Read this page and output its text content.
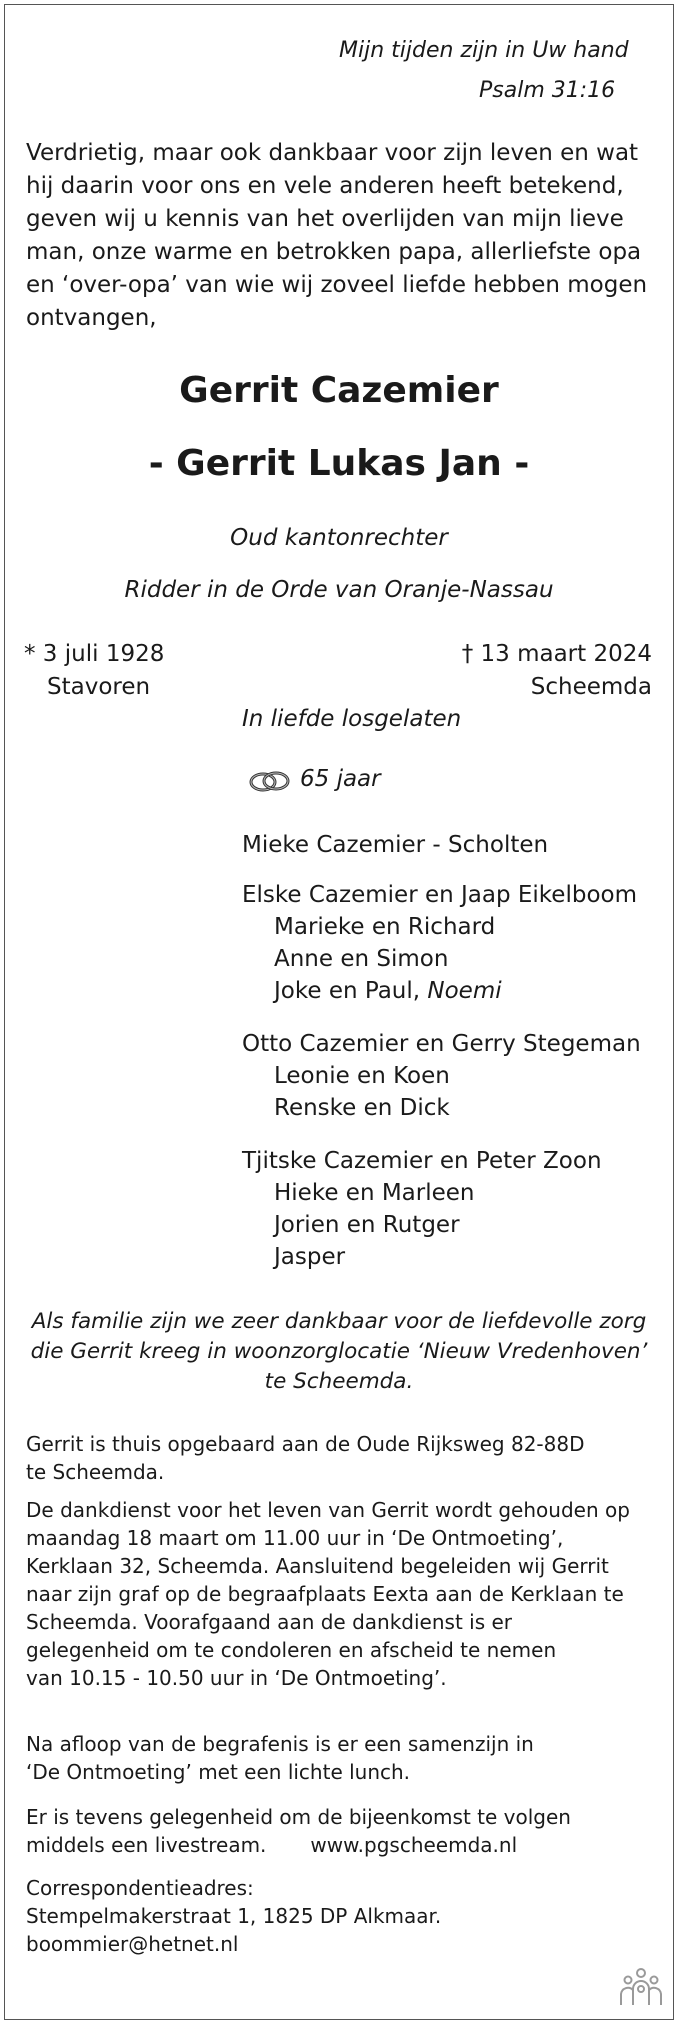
Mijn tijden zijn in Uw hand
Psalm 31:16
Verdrietig, maar ook dankbaar voor zijn leven en wat
hij daarin voor ons en vele anderen heeft betekend,
geven wij u kennis van het overlijden van mijn lieve
man, onze warme en betrokken papa, allerliefste opa
en ‘over-opa’ van wie wij zoveel liefde hebben mogen
ontvangen,
Gerrit Cazemier
- Gerrit Lukas Jan -
Oud kantonrechter
Ridder in de Orde van Oranje-Nassau
* 3 juli 1928
Stavoren
† 13 maart 2024
Scheemda
In liefde losgelaten
65 jaar
Mieke Cazemier - Scholten
Elske Cazemier en Jaap Eikelboom
Marieke en Richard
Anne en Simon
Joke en Paul, Noemi
Otto Cazemier en Gerry Stegeman
Leonie en Koen
Renske en Dick
Tjitske Cazemier en Peter Zoon
Hieke en Marleen
Jorien en Rutger
Jasper
Als familie zijn we zeer dankbaar voor de liefdevolle zorg
die Gerrit kreeg in woonzorglocatie ‘Nieuw Vredenhoven’
te Scheemda.
Gerrit is thuis opgebaard aan de Oude Rijksweg 82-88D
te Scheemda.
De dankdienst voor het leven van Gerrit wordt gehouden op
maandag 18 maart om 11.00 uur in ‘De Ontmoeting’,
Kerklaan 32, Scheemda. Aansluitend begeleiden wij Gerrit
naar zijn graf op de begraafplaats Eexta aan de Kerklaan te
Scheemda. Voorafgaand aan de dankdienst is er
gelegenheid om te condoleren en afscheid te nemen
van 10.15 - 10.50 uur in ‘De Ontmoeting’.
Na afloop van de begrafenis is er een samenzijn in
‘De Ontmoeting’ met een lichte lunch.
Er is tevens gelegenheid om de bijeenkomst te volgen
middels een livestream. www.pgscheemda.nl
Correspondentieadres:
Stempelmakerstraat 1, 1825 DP Alkmaar.
boommier@hetnet.nl
